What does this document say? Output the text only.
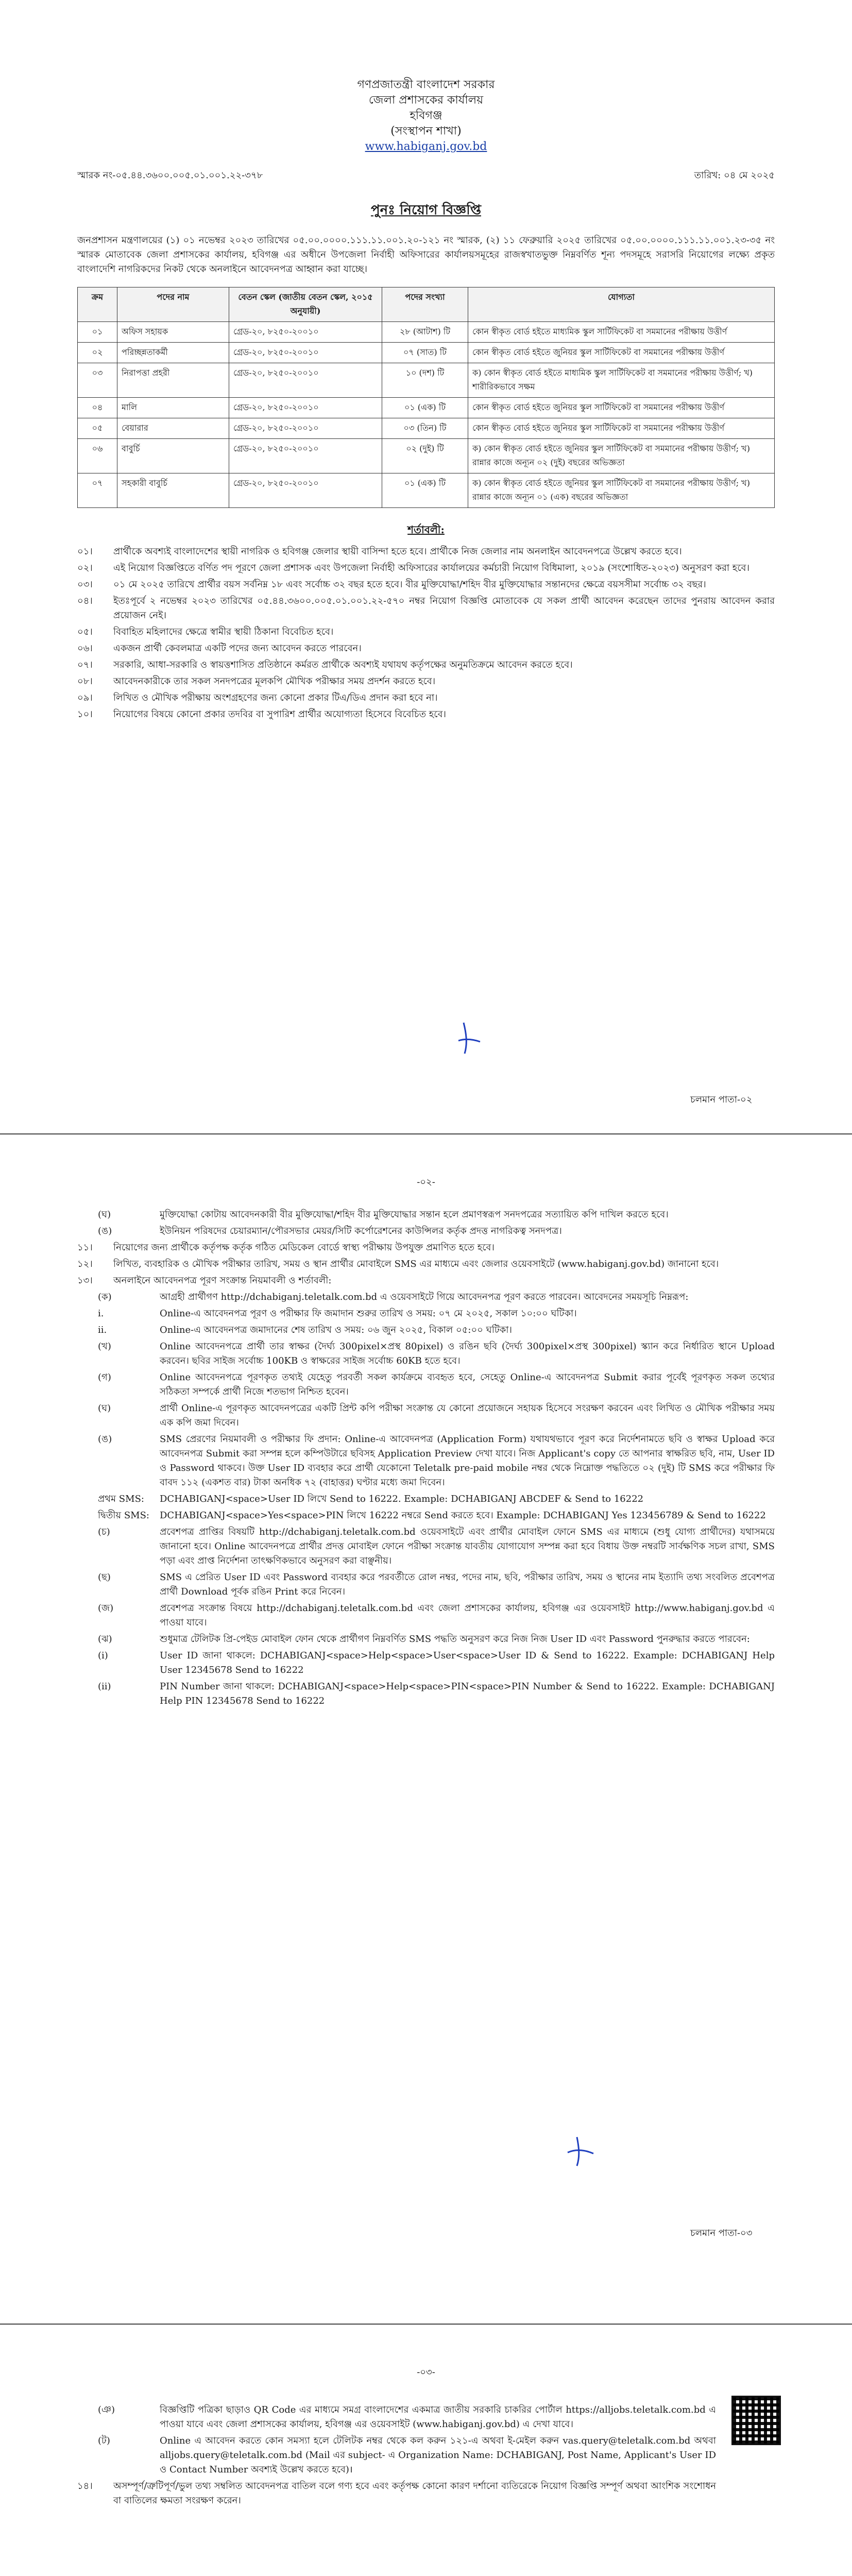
গণপ্রজাতন্ত্রী বাংলাদেশ সরকার
জেলা প্রশাসকের কার্যালয়
হবিগঞ্জ
(সংস্থাপন শাখা)
www.habiganj.gov.bd
স্মারক নং-০৫.৪৪.৩৬০০.০০৫.০১.০০১.২২-৩৭৮	তারিখ: ০৪ মে ২০২৫
পুনঃ নিয়োগ বিজ্ঞপ্তি
জনপ্রশাসন মন্ত্রণালয়ের (১) ০১ নভেম্বর ২০২৩ তারিখের ০৫.০০.০০০০.১১১.১১.০০১.২০-১২১ নং স্মারক, (২) ১১ ফেব্রুয়ারি ২০২৫ তারিখের ০৫.০০.০০০০.১১১.১১.০০১.২৩-৩৫ নং স্মারক মোতাবেক জেলা প্রশাসকের কার্যালয়, হবিগঞ্জ এর অধীনে উপজেলা নির্বাহী অফিসারের কার্যালয়সমূহের রাজস্বখাতভুক্ত নিম্নবর্ণিত শূন্য পদসমূহে সরাসরি নিয়োগের লক্ষ্যে প্রকৃত বাংলাদেশি নাগরিকদের নিকট থেকে অনলাইনে আবেদনপত্র আহ্বান করা যাচ্ছে।
ক্রম	পদের নাম	বেতন স্কেল (জাতীয় বেতন স্কেল, ২০১৫ অনুযায়ী)	পদের সংখ্যা	যোগ্যতা
০১	অফিস সহায়ক	গ্রেড-২০, ৮২৫০-২০০১০	২৮ (আটাশ) টি	কোন স্বীকৃত বোর্ড হইতে মাধ্যমিক স্কুল সার্টিফিকেট বা সমমানের পরীক্ষায় উত্তীর্ণ
০২	পরিচ্ছন্নতাকর্মী	গ্রেড-২০, ৮২৫০-২০০১০	০৭ (সাত) টি	কোন স্বীকৃত বোর্ড হইতে জুনিয়র স্কুল সার্টিফিকেট বা সমমানের পরীক্ষায় উত্তীর্ণ
০৩	নিরাপত্তা প্রহরী	গ্রেড-২০, ৮২৫০-২০০১০	১০ (দশ) টি	ক) কোন স্বীকৃত বোর্ড হইতে মাধ্যমিক স্কুল সার্টিফিকেট বা সমমানের পরীক্ষায় উত্তীর্ণ; খ) শারীরিকভাবে সক্ষম
০৪	মালি	গ্রেড-২০, ৮২৫০-২০০১০	০১ (এক) টি	কোন স্বীকৃত বোর্ড হইতে জুনিয়র স্কুল সার্টিফিকেট বা সমমানের পরীক্ষায় উত্তীর্ণ
০৫	বেয়ারার	গ্রেড-২০, ৮২৫০-২০০১০	০৩ (তিন) টি	কোন স্বীকৃত বোর্ড হইতে জুনিয়র স্কুল সার্টিফিকেট বা সমমানের পরীক্ষায় উত্তীর্ণ
০৬	বাবুর্চি	গ্রেড-২০, ৮২৫০-২০০১০	০২ (দুই) টি	ক) কোন স্বীকৃত বোর্ড হইতে জুনিয়র স্কুল সার্টিফিকেট বা সমমানের পরীক্ষায় উত্তীর্ণ; খ) রান্নার কাজে অন্যূন ০২ (দুই) বছরের অভিজ্ঞতা
০৭	সহকারী বাবুর্চি	গ্রেড-২০, ৮২৫০-২০০১০	০১ (এক) টি	ক) কোন স্বীকৃত বোর্ড হইতে জুনিয়র স্কুল সার্টিফিকেট বা সমমানের পরীক্ষায় উত্তীর্ণ; খ) রান্নার কাজে অন্যূন ০১ (এক) বছরের অভিজ্ঞতা
শর্তাবলী:
০১।	প্রার্থীকে অবশ্যই বাংলাদেশের স্থায়ী নাগরিক ও হবিগঞ্জ জেলার স্থায়ী বাসিন্দা হতে হবে। প্রার্থীকে নিজ জেলার নাম অনলাইন আবেদনপত্রে উল্লেখ করতে হবে।
০২।	এই নিয়োগ বিজ্ঞপ্তিতে বর্ণিত পদ পূরণে জেলা প্রশাসক এবং উপজেলা নির্বাহী অফিসারের কার্যালয়ের কর্মচারী নিয়োগ বিধিমালা, ২০১৯ (সংশোধিত-২০২৩) অনুসরণ করা হবে।
০৩।	০১ মে ২০২৫ তারিখে প্রার্থীর বয়স সর্বনিম্ন ১৮ এবং সর্বোচ্চ ৩২ বছর হতে হবে। বীর মুক্তিযোদ্ধা/শহিদ বীর মুক্তিযোদ্ধার সন্তানদের ক্ষেত্রে বয়সসীমা সর্বোচ্চ ৩২ বছর।
০৪।	ইতঃপূর্বে ২ নভেম্বর ২০২৩ তারিখের ০৫.৪৪.৩৬০০.০০৫.০১.০০১.২২-৫৭০ নম্বর নিয়োগ বিজ্ঞপ্তি মোতাবেক যে সকল প্রার্থী আবেদন করেছেন তাদের পুনরায় আবেদন করার প্রয়োজন নেই।
০৫।	বিবাহিত মহিলাদের ক্ষেত্রে স্বামীর স্থায়ী ঠিকানা বিবেচিত হবে।
০৬।	একজন প্রার্থী কেবলমাত্র একটি পদের জন্য আবেদন করতে পারবেন।
০৭।	সরকারি, আধা-সরকারি ও স্বায়ত্তশাসিত প্রতিষ্ঠানে কর্মরত প্রার্থীকে অবশ্যই যথাযথ কর্তৃপক্ষের অনুমতিক্রমে আবেদন করতে হবে।
০৮।	আবেদনকারীকে তার সকল সনদপত্রের মূলকপি মৌখিক পরীক্ষার সময় প্রদর্শন করতে হবে।
০৯।	লিখিত ও মৌখিক পরীক্ষায় অংশগ্রহণের জন্য কোনো প্রকার টিএ/ডিএ প্রদান করা হবে না।
১০।	নিয়োগের বিষয়ে কোনো প্রকার তদবির বা সুপারিশ প্রার্থীর অযোগ্যতা হিসেবে বিবেচিত হবে।
চলমান পাতা-০২
-০২-
(ঘ)	মুক্তিযোদ্ধা কোটায় আবেদনকারী বীর মুক্তিযোদ্ধা/শহিদ বীর মুক্তিযোদ্ধার সন্তান হলে প্রমাণস্বরূপ সনদপত্রের সত্যায়িত কপি দাখিল করতে হবে।
(ঙ)	ইউনিয়ন পরিষদের চেয়ারম্যান/পৌরসভার মেয়র/সিটি কর্পোরেশনের কাউন্সিলর কর্তৃক প্রদত্ত নাগরিকত্ব সনদপত্র।
১১।	নিয়োগের জন্য প্রার্থীকে কর্তৃপক্ষ কর্তৃক গঠিত মেডিকেল বোর্ডে স্বাস্থ্য পরীক্ষায় উপযুক্ত প্রমাণিত হতে হবে।
১২।	লিখিত, ব্যবহারিক ও মৌখিক পরীক্ষার তারিখ, সময় ও স্থান প্রার্থীর মোবাইলে SMS এর মাধ্যমে এবং জেলার ওয়েবসাইটে (www.habiganj.gov.bd) জানানো হবে।
১৩।	অনলাইনে আবেদনপত্র পূরণ সংক্রান্ত নিয়মাবলী ও শর্তাবলী:
(ক)	আগ্রহী প্রার্থীগণ http://dchabiganj.teletalk.com.bd এ ওয়েবসাইটে গিয়ে আবেদনপত্র পূরণ করতে পারবেন। আবেদনের সময়সূচি নিম্নরূপ:
i.	Online-এ আবেদনপত্র পূরণ ও পরীক্ষার ফি জমাদান শুরুর তারিখ ও সময়: ০৭ মে ২০২৫, সকাল ১০:০০ ঘটিকা।
ii.	Online-এ আবেদনপত্র জমাদানের শেষ তারিখ ও সময়: ০৬ জুন ২০২৫, বিকাল ০৫:০০ ঘটিকা।
(খ)	Online আবেদনপত্রে প্রার্থী তার স্বাক্ষর (দৈর্ঘ্য 300pixel×প্রস্থ 80pixel) ও রঙিন ছবি (দৈর্ঘ্য 300pixel×প্রস্থ 300pixel) স্ক্যান করে নির্ধারিত স্থানে Upload করবেন। ছবির সাইজ সর্বোচ্চ 100KB ও স্বাক্ষরের সাইজ সর্বোচ্চ 60KB হতে হবে।
(গ)	Online আবেদনপত্রে পূরণকৃত তথ্যই যেহেতু পরবর্তী সকল কার্যক্রমে ব্যবহৃত হবে, সেহেতু Online-এ আবেদনপত্র Submit করার পূর্বেই পূরণকৃত সকল তথ্যের সঠিকতা সম্পর্কে প্রার্থী নিজে শতভাগ নিশ্চিত হবেন।
(ঘ)	প্রার্থী Online-এ পূরণকৃত আবেদনপত্রের একটি প্রিন্ট কপি পরীক্ষা সংক্রান্ত যে কোনো প্রয়োজনে সহায়ক হিসেবে সংরক্ষণ করবেন এবং লিখিত ও মৌখিক পরীক্ষার সময় এক কপি জমা দিবেন।
(ঙ)	SMS প্রেরণের নিয়মাবলী ও পরীক্ষার ফি প্রদান: Online-এ আবেদনপত্র (Application Form) যথাযথভাবে পূরণ করে নির্দেশনামতে ছবি ও স্বাক্ষর Upload করে আবেদনপত্র Submit করা সম্পন্ন হলে কম্পিউটারে ছবিসহ Application Preview দেখা যাবে। নিজ Applicant's copy তে আপনার স্বাক্ষরিত ছবি, নাম, User ID ও Password থাকবে। উক্ত User ID ব্যবহার করে প্রার্থী যেকোনো Teletalk pre-paid mobile নম্বর থেকে নিম্নোক্ত পদ্ধতিতে ০২ (দুই) টি SMS করে পরীক্ষার ফি বাবদ ১১২ (একশত বার) টাকা অনধিক ৭২ (বাহাত্তর) ঘণ্টার মধ্যে জমা দিবেন।
প্রথম SMS:	DCHABIGANJ<space>User ID লিখে Send to 16222. Example: DCHABIGANJ ABCDEF & Send to 16222
দ্বিতীয় SMS:	DCHABIGANJ<space>Yes<space>PIN লিখে 16222 নম্বরে Send করতে হবে। Example: DCHABIGANJ Yes 123456789 & Send to 16222
(চ)	প্রবেশপত্র প্রাপ্তির বিষয়টি http://dchabiganj.teletalk.com.bd ওয়েবসাইটে এবং প্রার্থীর মোবাইল ফোনে SMS এর মাধ্যমে (শুধু যোগ্য প্রার্থীদের) যথাসময়ে জানানো হবে। Online আবেদনপত্রে প্রার্থীর প্রদত্ত মোবাইল ফোনে পরীক্ষা সংক্রান্ত যাবতীয় যোগাযোগ সম্পন্ন করা হবে বিধায় উক্ত নম্বরটি সার্বক্ষণিক সচল রাখা, SMS পড়া এবং প্রাপ্ত নির্দেশনা তাৎক্ষণিকভাবে অনুসরণ করা বাঞ্ছনীয়।
(ছ)	SMS এ প্রেরিত User ID এবং Password ব্যবহার করে পরবর্তীতে রোল নম্বর, পদের নাম, ছবি, পরীক্ষার তারিখ, সময় ও স্থানের নাম ইত্যাদি তথ্য সংবলিত প্রবেশপত্র প্রার্থী Download পূর্বক রঙিন Print করে নিবেন।
(জ)	প্রবেশপত্র সংক্রান্ত বিষয়ে http://dchabiganj.teletalk.com.bd এবং জেলা প্রশাসকের কার্যালয়, হবিগঞ্জ এর ওয়েবসাইট http://www.habiganj.gov.bd এ পাওয়া যাবে।
(ঝ)	শুধুমাত্র টেলিটক প্রি-পেইড মোবাইল ফোন থেকে প্রার্থীগণ নিম্নবর্ণিত SMS পদ্ধতি অনুসরণ করে নিজ নিজ User ID এবং Password পুনরুদ্ধার করতে পারবেন:
(i)	User ID জানা থাকলে: DCHABIGANJ<space>Help<space>User<space>User ID & Send to 16222. Example: DCHABIGANJ Help User 12345678 Send to 16222
(ii)	PIN Number জানা থাকলে: DCHABIGANJ<space>Help<space>PIN<space>PIN Number & Send to 16222. Example: DCHABIGANJ Help PIN 12345678 Send to 16222
চলমান পাতা-০৩
-০৩-
(ঞ)	বিজ্ঞপ্তিটি পত্রিকা ছাড়াও QR Code এর মাধ্যমে সমগ্র বাংলাদেশের একমাত্র জাতীয় সরকারি চাকরির পোর্টাল https://alljobs.teletalk.com.bd এ পাওয়া যাবে এবং জেলা প্রশাসকের কার্যালয়, হবিগঞ্জ এর ওয়েবসাইট (www.habiganj.gov.bd) এ দেখা যাবে।
(ট)	Online এ আবেদন করতে কোন সমস্যা হলে টেলিটক নম্বর থেকে কল করুন ১২১-এ অথবা ই-মেইল করুন vas.query@teletalk.com.bd অথবা alljobs.query@teletalk.com.bd (Mail এর subject- এ Organization Name: DCHABIGANJ, Post Name, Applicant's User ID ও Contact Number অবশ্যই উল্লেখ করতে হবে)।
১৪।	অসম্পূর্ণ/ত্রুটিপূর্ণ/ভুল তথ্য সম্বলিত আবেদনপত্র বাতিল বলে গণ্য হবে এবং কর্তৃপক্ষ কোনো কারণ দর্শানো ব্যতিরেকে নিয়োগ বিজ্ঞপ্তি সম্পূর্ণ অথবা আংশিক সংশোধন বা বাতিলের ক্ষমতা সংরক্ষণ করেন।
